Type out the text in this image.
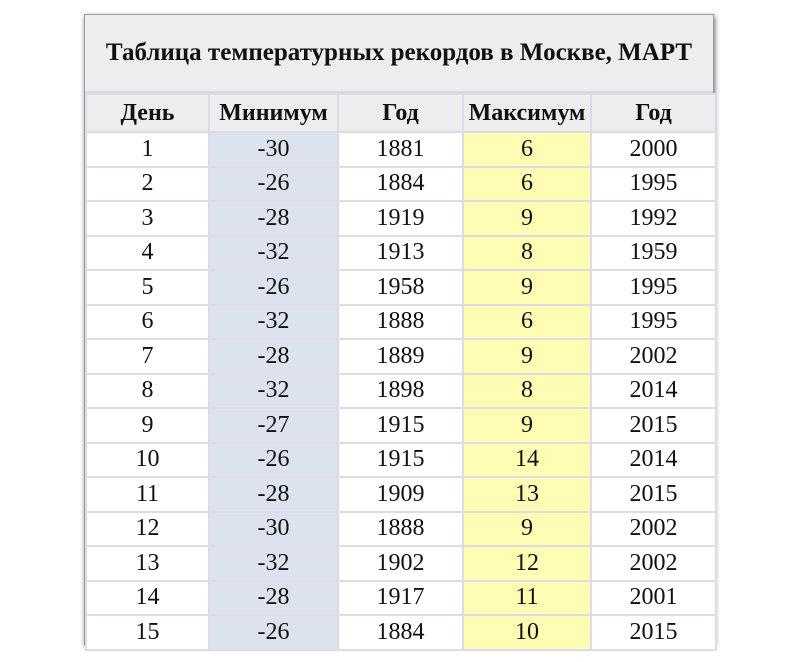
Таблица температурных рекордов в Москве, МАРТ
День	Минимум	Год	Максимум	Год
1	-30	1881	6	2000
2	-26	1884	6	1995
3	-28	1919	9	1992
4	-32	1913	8	1959
5	-26	1958	9	1995
6	-32	1888	6	1995
7	-28	1889	9	2002
8	-32	1898	8	2014
9	-27	1915	9	2015
10	-26	1915	14	2014
11	-28	1909	13	2015
12	-30	1888	9	2002
13	-32	1902	12	2002
14	-28	1917	11	2001
15	-26	1884	10	2015
